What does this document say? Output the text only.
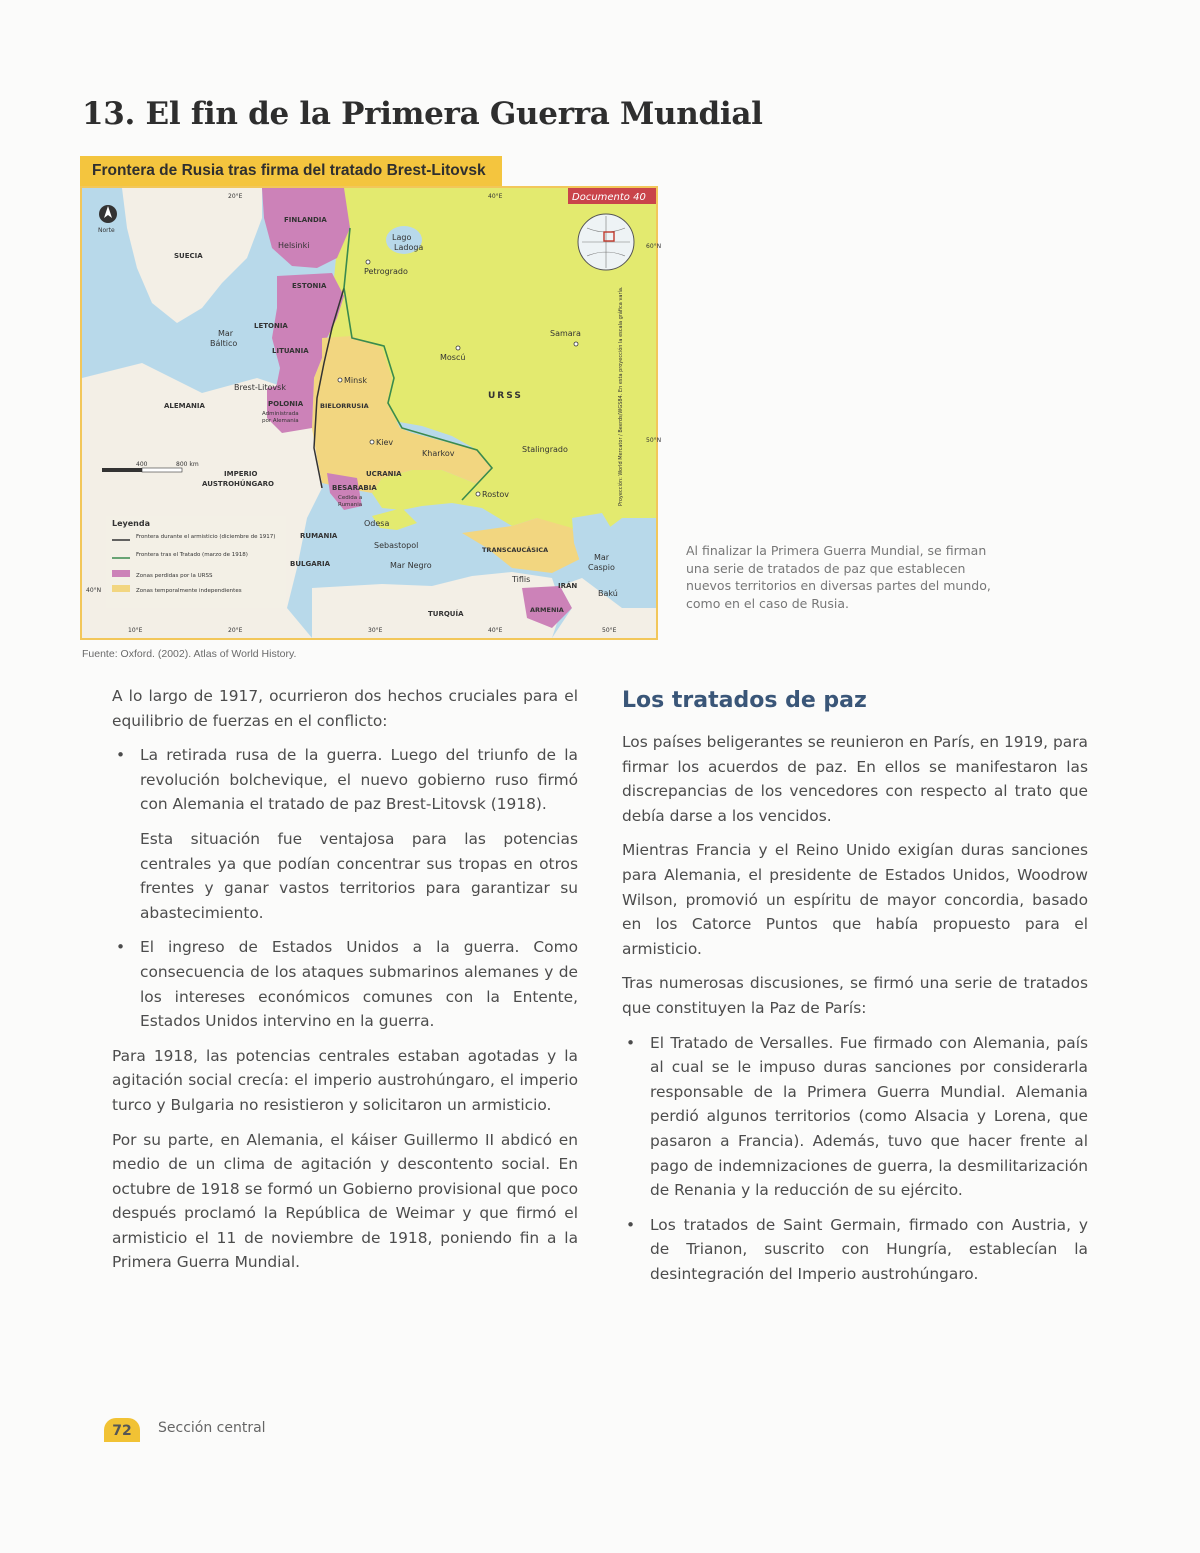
13. El fin de la Primera Guerra Mundial
Frontera de Rusia tras firma del tratado Brest-Litovsk
Norte
Documento 40
20°E	40°E
10°E	20°E	30°E	40°E	50°E
60°N
50°N
40°N
FINLANDIA
Helsinki
SUECIA
Lago
Ladoga
Petrogrado
ESTONIA
LETONIA
Mar
Báltico
LITUANIA
Moscú
Samara
Minsk
Brest-Litovsk
ALEMANIA	POLONIA
Administrada
por Alemania
BIELORRUSIA
URSS
Kiev
Kharkov	Stalingrado
IMPERIO
AUSTROHÚNGARO
UCRANIA
BESARABIA
Cedida a
Rumania
Rostov
Odesa
RUMANIA
Sebastopol	TRANSCAUCÁSICA
BULGARIA	Mar Negro
Mar
Caspio
Tiflis
IRÁN
Bakú
TURQUÍA	ARMENIA
Proyección: World Mercator / Beerds/WGS84. En esta proyección la escala gráfica varía.
400	800 km
Leyenda
Frontera durante el armisticio (diciembre de 1917)
Frontera tras el Tratado (marzo de 1918)
Zonas perdidas por la URSS
Zonas temporalmente independientes
Fuente: Oxford. (2002). Atlas of World History.
Al finalizar la Primera Guerra Mundial, se firman una serie de tratados de paz que establecen nuevos territorios en diversas partes del mundo, como en el caso de Rusia.

A lo largo de 1917, ocurrieron dos hechos cruciales para el equilibrio de fuerzas en el conflicto:

• La retirada rusa de la guerra. Luego del triunfo de la revolución bolchevique, el nuevo gobierno ruso firmó con Alemania el tratado de paz Brest-Litovsk (1918).

Esta situación fue ventajosa para las potencias centrales ya que podían concentrar sus tropas en otros frentes y ganar vastos territorios para garantizar su abastecimiento.

• El ingreso de Estados Unidos a la guerra. Como consecuencia de los ataques submarinos alemanes y de los intereses económicos comunes con la Entente, Estados Unidos intervino en la guerra.

Para 1918, las potencias centrales estaban agotadas y la agitación social crecía: el imperio austrohúngaro, el imperio turco y Bulgaria no resistieron y solicitaron un armisticio.

Por su parte, en Alemania, el káiser Guillermo II abdicó en medio de un clima de agitación y descontento social. En octubre de 1918 se formó un Gobierno provisional que poco después proclamó la República de Weimar y que firmó el armisticio el 11 de noviembre de 1918, poniendo fin a la Primera Guerra Mundial.

Los tratados de paz

Los países beligerantes se reunieron en París, en 1919, para firmar los acuerdos de paz. En ellos se manifestaron las discrepancias de los vencedores con respecto al trato que debía darse a los vencidos.

Mientras Francia y el Reino Unido exigían duras sanciones para Alemania, el presidente de Estados Unidos, Woodrow Wilson, promovió un espíritu de mayor concordia, basado en los Catorce Puntos que había propuesto para el armisticio.

Tras numerosas discusiones, se firmó una serie de tratados que constituyen la Paz de París:

• El Tratado de Versalles. Fue firmado con Alemania, país al cual se le impuso duras sanciones por considerarla responsable de la Primera Guerra Mundial. Alemania perdió algunos territorios (como Alsacia y Lorena, que pasaron a Francia). Además, tuvo que hacer frente al pago de indemnizaciones de guerra, la desmilitarización de Renania y la reducción de su ejército.
• Los tratados de Saint Germain, firmado con Austria, y de Trianon, suscrito con Hungría, establecían la desintegración del Imperio austrohúngaro.
72	Sección central
